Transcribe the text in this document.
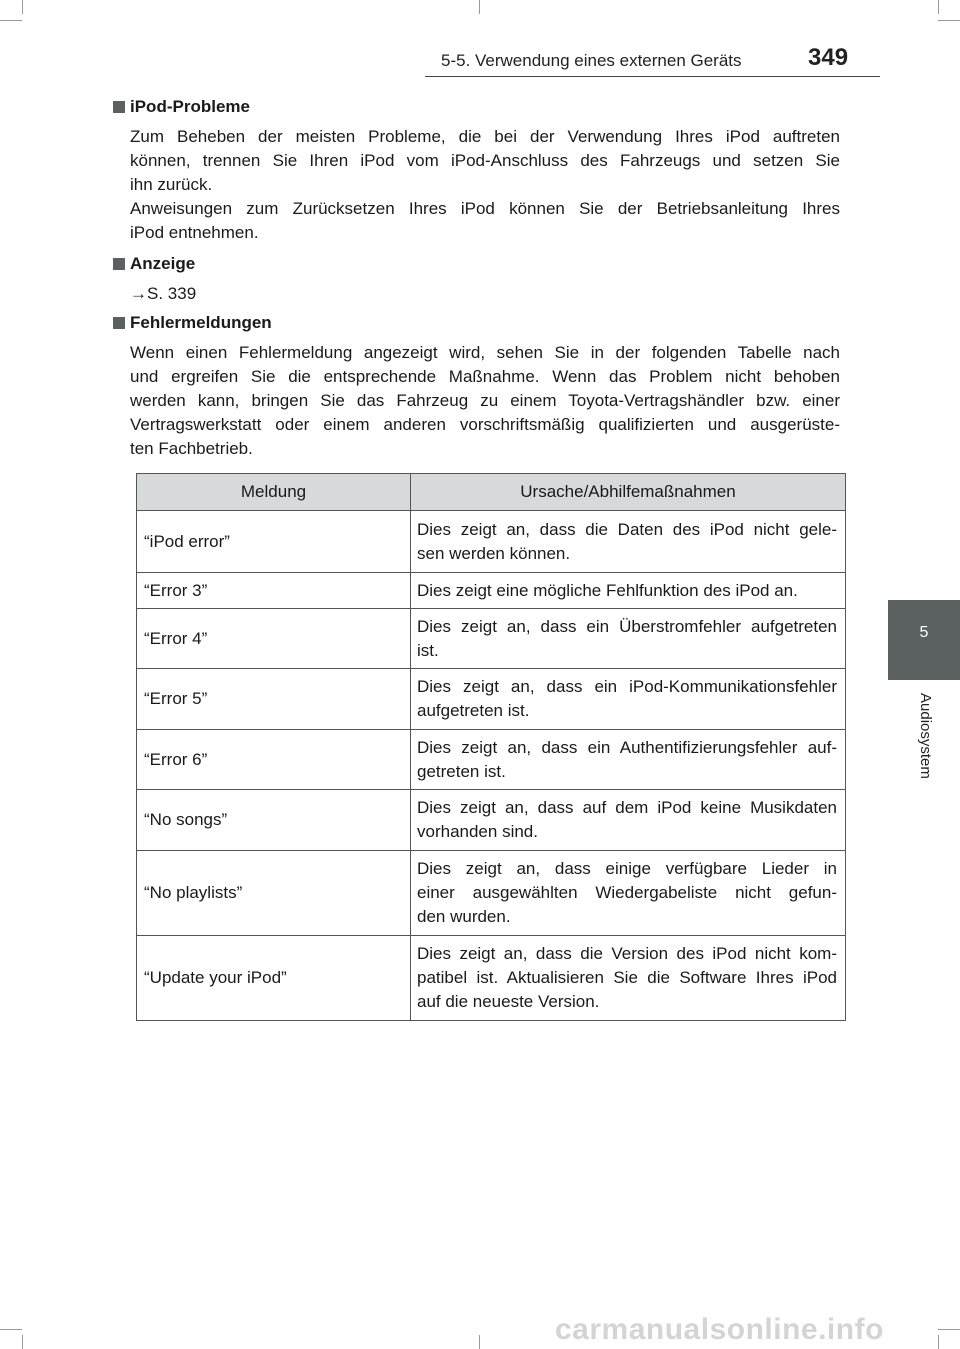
5-5. Verwendung eines externen Geräts	349
5
Audiosystem
iPod-Probleme
Zum Beheben der meisten Probleme, die bei der Verwendung Ihres iPod auftreten
können, trennen Sie Ihren iPod vom iPod-Anschluss des Fahrzeugs und setzen Sie
ihn zurück.
Anweisungen zum Zurücksetzen Ihres iPod können Sie der Betriebsanleitung Ihres
iPod entnehmen.
Anzeige
→S. 339
Fehlermeldungen
Wenn einen Fehlermeldung angezeigt wird, sehen Sie in der folgenden Tabelle nach
und ergreifen Sie die entsprechende Maßnahme. Wenn das Problem nicht behoben
werden kann, bringen Sie das Fahrzeug zu einem Toyota-Vertragshändler bzw. einer
Vertragswerkstatt oder einem anderen vorschriftsmäßig qualifizierten und ausgerüste-
ten Fachbetrieb.
Meldung	Ursache/Abhilfemaßnahmen
“iPod error”	Dies zeigt an, dass die Daten des iPod nicht gele-
sen werden können.

“Error 3”	Dies zeigt eine mögliche Fehlfunktion des iPod an.

“Error 4”	Dies zeigt an, dass ein Überstromfehler aufgetreten
ist.

“Error 5”	Dies zeigt an, dass ein iPod-Kommunikationsfehler
aufgetreten ist.

“Error 6”	Dies zeigt an, dass ein Authentifizierungsfehler auf-
getreten ist.

“No songs”	Dies zeigt an, dass auf dem iPod keine Musikdaten
vorhanden sind.

“No playlists”	Dies zeigt an, dass einige verfügbare Lieder in
einer ausgewählten Wiedergabeliste nicht gefun-
den wurden.

“Update your iPod”	Dies zeigt an, dass die Version des iPod nicht kom-
patibel ist. Aktualisieren Sie die Software Ihres iPod
auf die neueste Version.
carmanualsonline.info
